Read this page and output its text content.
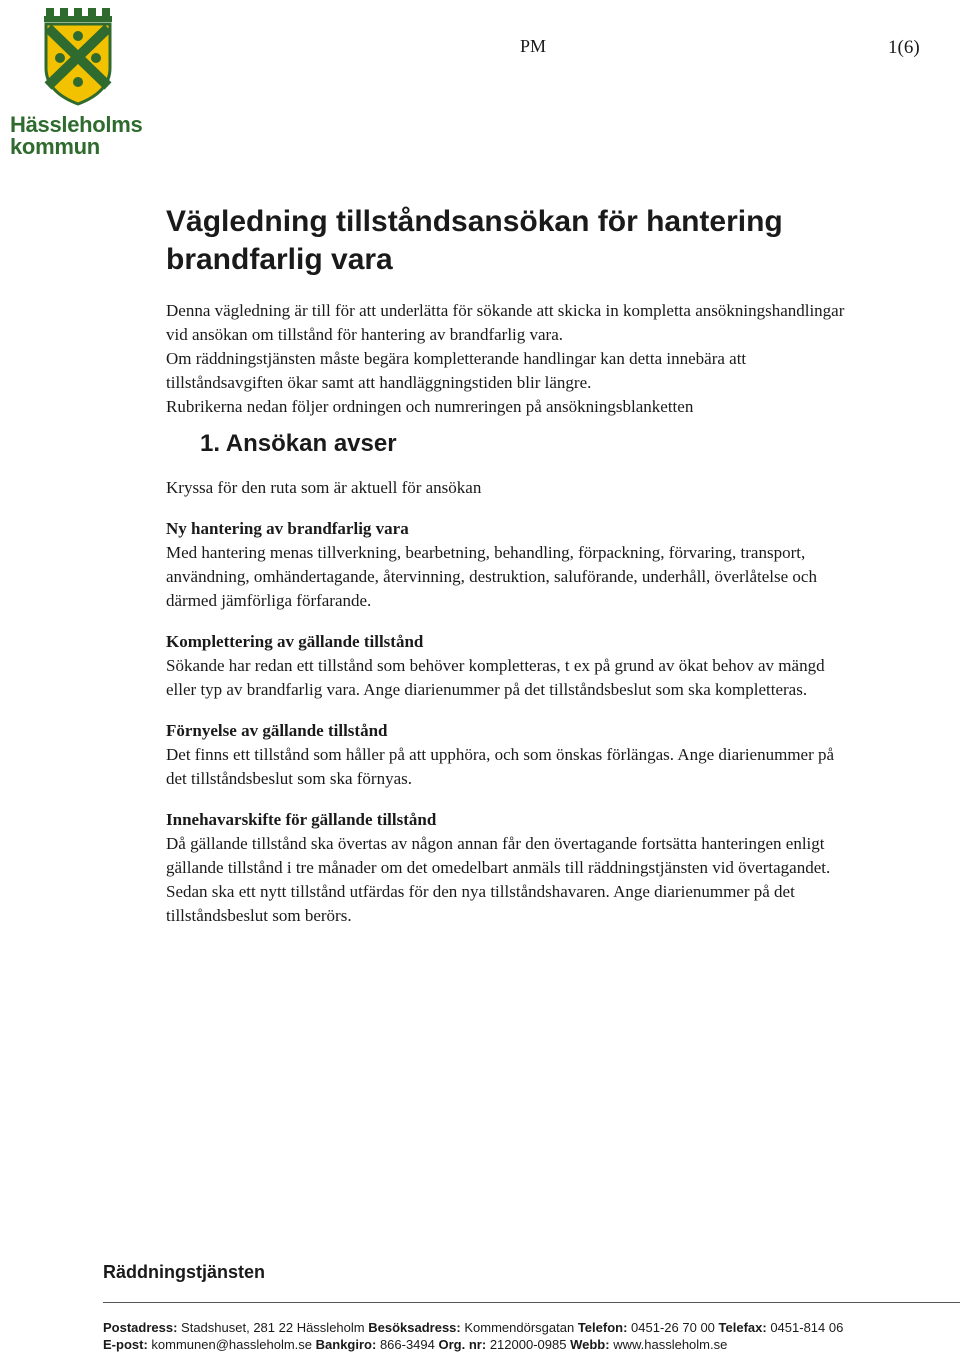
Hässleholms
kommun
PM	1(6)
Vägledning tillståndsansökan för hantering brandfarlig vara

Denna vägledning är till för att underlätta för sökande att skicka in kompletta ansökningshandlingar vid ansökan om tillstånd för hantering av brandfarlig vara.

Om räddningstjänsten måste begära kompletterande handlingar kan detta innebära att tillståndsavgiften ökar samt att handläggningstiden blir längre.

Rubrikerna nedan följer ordningen och numreringen på ansökningsblanketten

1. Ansökan avser
Kryssa för den ruta som är aktuell för ansökan
Ny hantering av brandfarlig vara

Med hantering menas tillverkning, bearbetning, behandling, förpackning, förvaring, transport, användning, omhändertagande, återvinning, destruktion, saluförande, underhåll, överlåtelse och därmed jämförliga förfarande.

Komplettering av gällande tillstånd

Sökande har redan ett tillstånd som behöver kompletteras, t ex på grund av ökat behov av mängd eller typ av brandfarlig vara. Ange diarienummer på det tillståndsbeslut som ska kompletteras.

Förnyelse av gällande tillstånd

Det finns ett tillstånd som håller på att upphöra, och som önskas förlängas. Ange diarienummer på det tillståndsbeslut som ska förnyas.

Innehavarskifte för gällande tillstånd

Då gällande tillstånd ska övertas av någon annan får den övertagande fortsätta hanteringen enligt gällande tillstånd i tre månader om det omedelbart anmäls till räddningstjänsten vid övertagandet. Sedan ska ett nytt tillstånd utfärdas för den nya tillståndshavaren. Ange diarienummer på det tillståndsbeslut som berörs.

Räddningstjänsten
Postadress: Stadshuset, 281 22 Hässleholm Besöksadress: Kommendörsgatan Telefon: 0451-26 70 00 Telefax: 0451-814 06
E-post: kommunen@hassleholm.se Bankgiro: 866-3494 Org. nr: 212000-0985 Webb: www.hassleholm.se
